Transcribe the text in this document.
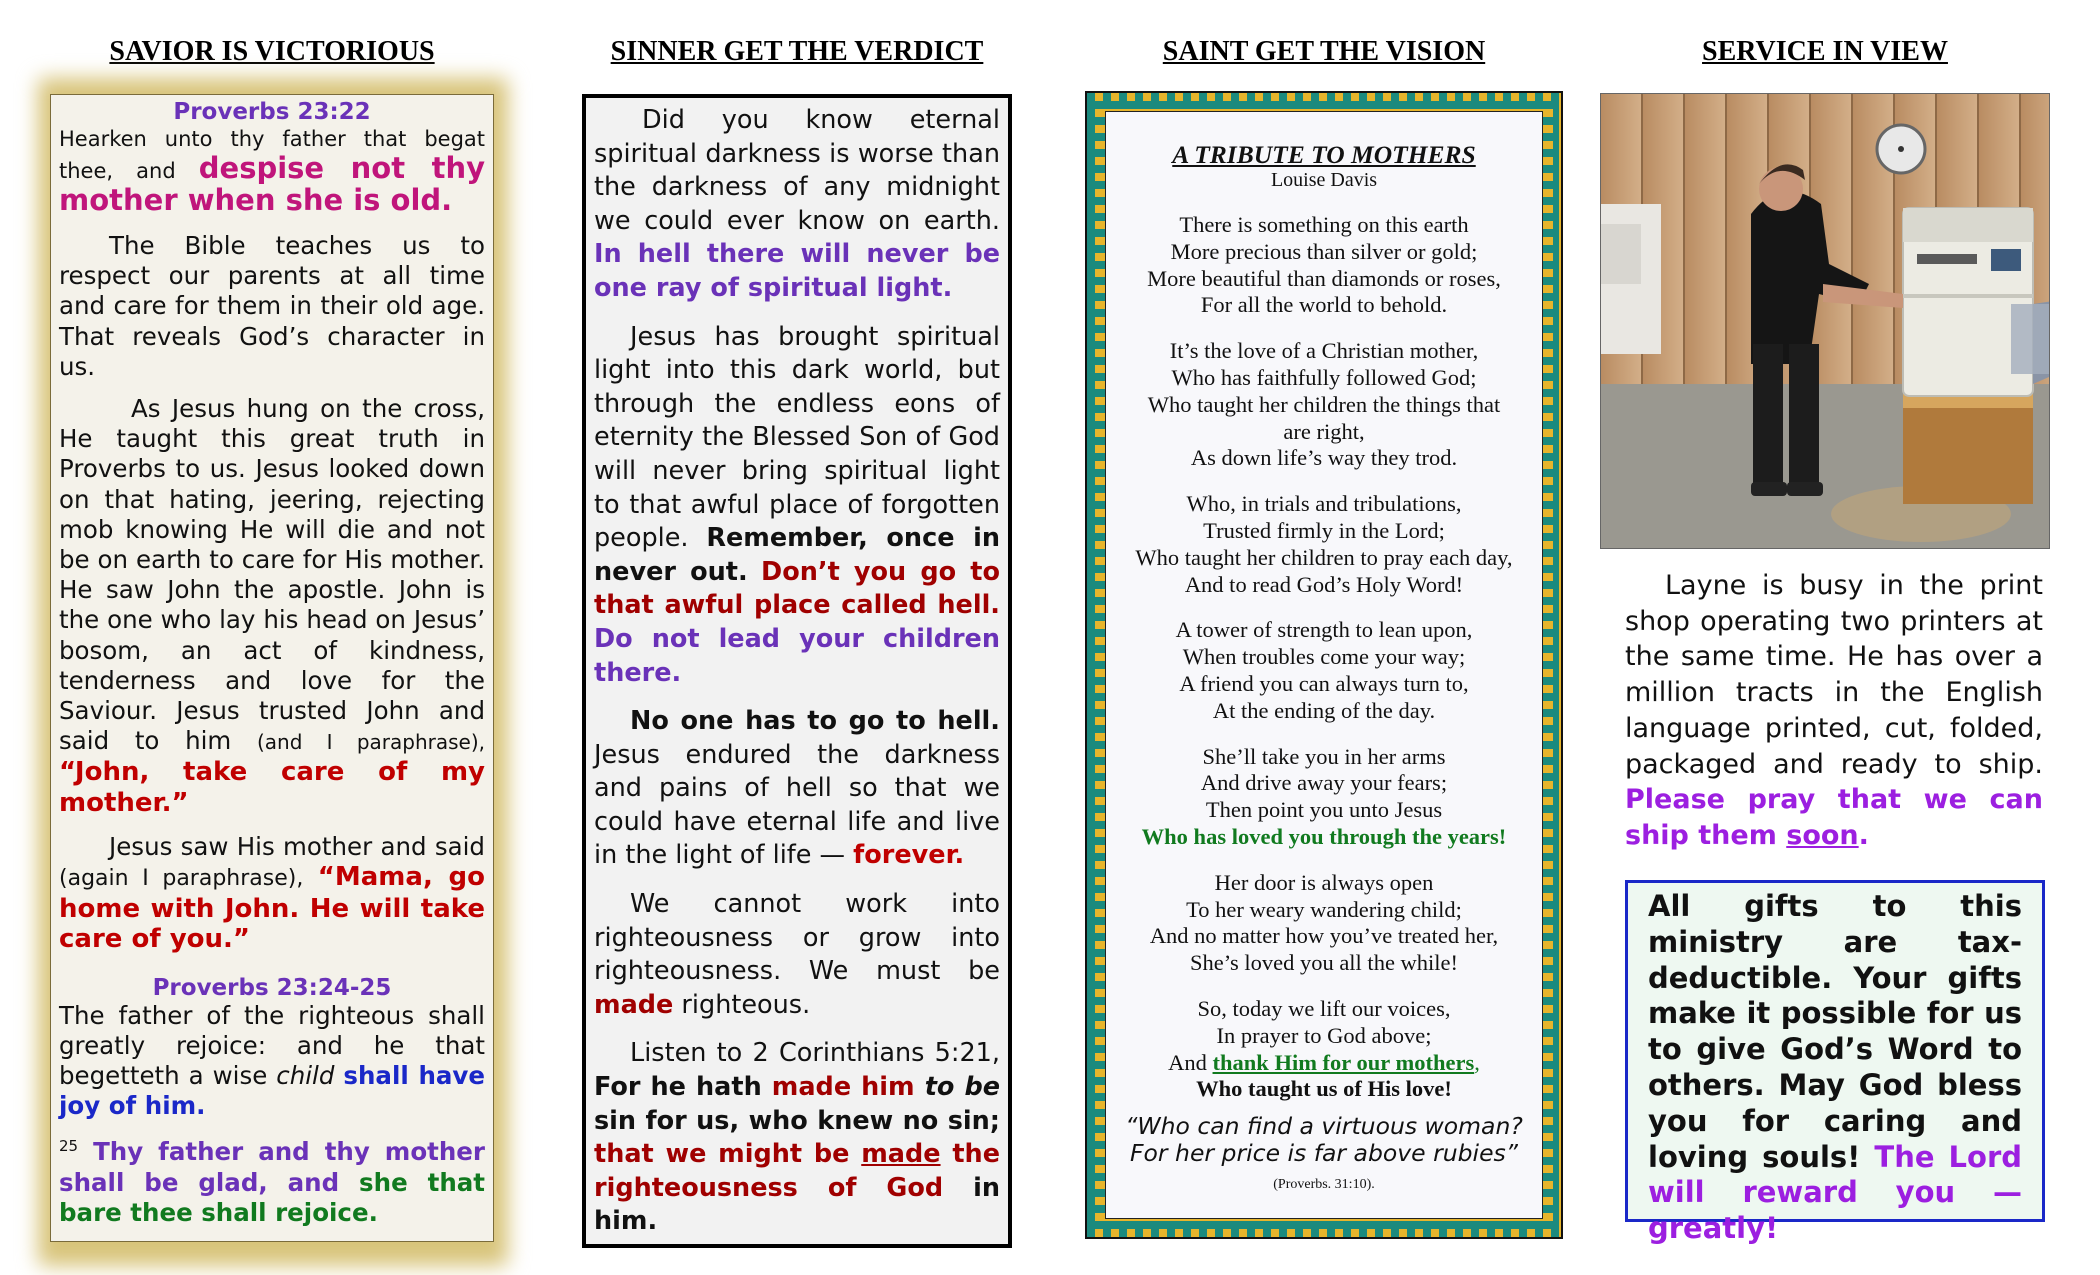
SAVIOR IS VICTORIOUS	SINNER GET THE VERDICT	SAINT GET THE VISION	SERVICE IN VIEW

Proverbs 23:22

Hearken unto thy father that begat thee, and despise not thy mother when she is old.

The Bible teaches us to respect our parents at all time and care for them in their old age. That reveals God’s character in us.

As Jesus hung on the cross, He taught this great truth in Proverbs to us. Jesus looked down on that hating, jeering, rejecting mob knowing He will die and not be on earth to care for His mother. He saw John the apostle. John is the one who lay his head on Jesus’ bosom, an act of kindness, tenderness and love for the Saviour. Jesus trusted John and said to him (and I paraphrase), “John, take care of my mother.”

Jesus saw His mother and said (again I paraphrase), “Mama, go home with John. He will take care of you.”

Proverbs 23:24-25

The father of the righteous shall greatly rejoice: and he that begetteth a wise child shall have joy of him.

$^{25}$ Thy father and thy mother shall be glad, and she that bare thee shall rejoice.

Did you know eternal spiritual darkness is worse than the darkness of any midnight we could ever know on earth. In hell there will never be one ray of spiritual light.

Jesus has brought spiritual light into this dark world, but through the endless eons of eternity the Blessed Son of God will never bring spiritual light to that awful place of forgotten people. Remember, once in never out. Don’t you go to that awful place called hell. Do not lead your children there.

No one has to go to hell. Jesus endured the darkness and pains of hell so that we could have eternal life and live in the light of life — forever.

We cannot work into righteousness or grow into righteousness. We must be made righteous.

Listen to 2 Corinthians 5:21, For he hath made him to be sin for us, who knew no sin; that we might be made the righteousness of God in him.

A TRIBUTE TO MOTHERS
Louise Davis
There is something on this earth
More precious than silver or gold;
More beautiful than diamonds or roses,
For all the world to behold.
It’s the love of a Christian mother,
Who has faithfully followed God;
Who taught her children the things that
are right,
As down life’s way they trod.
Who, in trials and tribulations,
Trusted firmly in the Lord;
Who taught her children to pray each day,
And to read God’s Holy Word!
A tower of strength to lean upon,
When troubles come your way;
A friend you can always turn to,
At the ending of the day.
She’ll take you in her arms
And drive away your fears;
Then point you unto Jesus
Who has loved you through the years!
Her door is always open
To her weary wandering child;
And no matter how you’ve treated her,
She’s loved you all the while!
So, today we lift our voices,
In prayer to God above;
And thank Him for our mothers,
Who taught us of His love!
“Who can find a virtuous woman? For her price is far above rubies” (Proverbs. 31:10).
Layne is busy in the print shop operating two printers at the same time. He has over a million tracts in the English language printed, cut, folded, packaged and ready to ship. Please pray that we can ship them soon.
All gifts to this ministry are tax-deductible. Your gifts make it possible for us to give God’s Word to others. May God bless you for caring and loving souls! The Lord will reward you — greatly!
